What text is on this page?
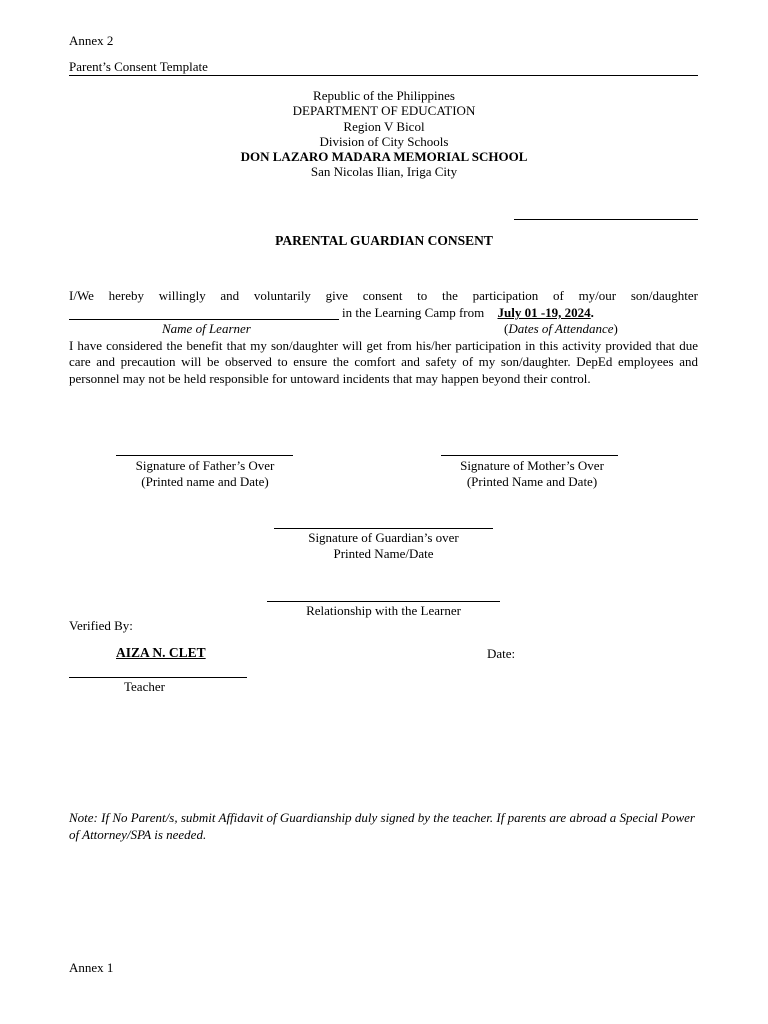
Annex 2
Parent’s Consent Template
Republic of the Philippines
DEPARTMENT OF EDUCATION
Region V Bicol
Division of City Schools
DON LAZARO MADARA MEMORIAL SCHOOL
San Nicolas Ilian, Iriga City
PARENTAL GUARDIAN CONSENT
I/We hereby willingly and voluntarily give consent to the participation of my/our son/daughter
in the Learning Camp from July 01 -19, 2024.
Name of Learner	(Dates of Attendance)
I have considered the benefit that my son/daughter will get from his/her participation in this activity provided that due care and precaution will be observed to ensure the comfort and safety of my son/daughter. DepEd employees and personnel may not be held responsible for untoward incidents that may happen beyond their control.
Signature of Father’s Over
(Printed name and Date)
Signature of Mother’s Over
(Printed Name and Date)
Signature of Guardian’s over
Printed Name/Date
Relationship with the Learner
Verified By:
AIZA N. CLET	Date:
Teacher
Note: If No Parent/s, submit Affidavit of Guardianship duly signed by the teacher. If parents are abroad a Special Power of Attorney/SPA is needed.
Annex 1
